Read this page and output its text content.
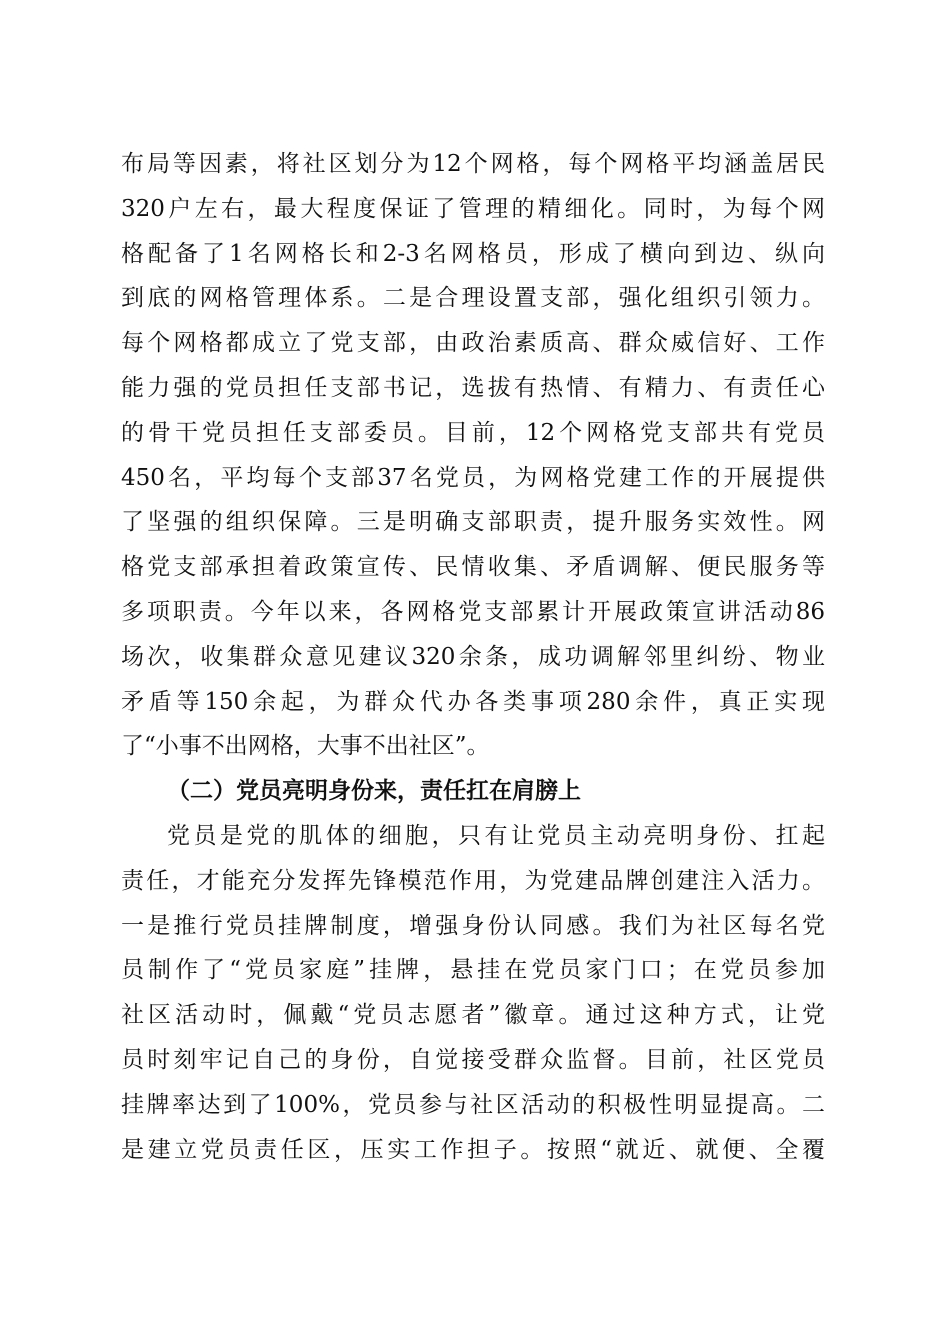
布局等因素，将社区划分为12个网格，每个网格平均涵盖居民
320户左右，最大程度保证了管理的精细化。同时，为每个网
格配备了1名网格长和2-3名网格员，形成了横向到边、纵向
到底的网格管理体系。二是合理设置支部，强化组织引领力。
每个网格都成立了党支部，由政治素质高、群众威信好、工作
能力强的党员担任支部书记，选拔有热情、有精力、有责任心
的骨干党员担任支部委员。目前，12个网格党支部共有党员
450名，平均每个支部37名党员，为网格党建工作的开展提供
了坚强的组织保障。三是明确支部职责，提升服务实效性。网
格党支部承担着政策宣传、民情收集、矛盾调解、便民服务等
多项职责。今年以来，各网格党支部累计开展政策宣讲活动86
场次，收集群众意见建议320余条，成功调解邻里纠纷、物业
矛盾等150余起，为群众代办各类事项280余件，真正实现
了“小事不出网格，大事不出社区”。
（二）党员亮明身份来，责任扛在肩膀上
党员是党的肌体的细胞，只有让党员主动亮明身份、扛起
责任，才能充分发挥先锋模范作用，为党建品牌创建注入活力。
一是推行党员挂牌制度，增强身份认同感。我们为社区每名党
员制作了“党员家庭”挂牌，悬挂在党员家门口；在党员参加
社区活动时，佩戴“党员志愿者”徽章。通过这种方式，让党
员时刻牢记自己的身份，自觉接受群众监督。目前，社区党员
挂牌率达到了100%，党员参与社区活动的积极性明显提高。二
是建立党员责任区，压实工作担子。按照“就近、就便、全覆
